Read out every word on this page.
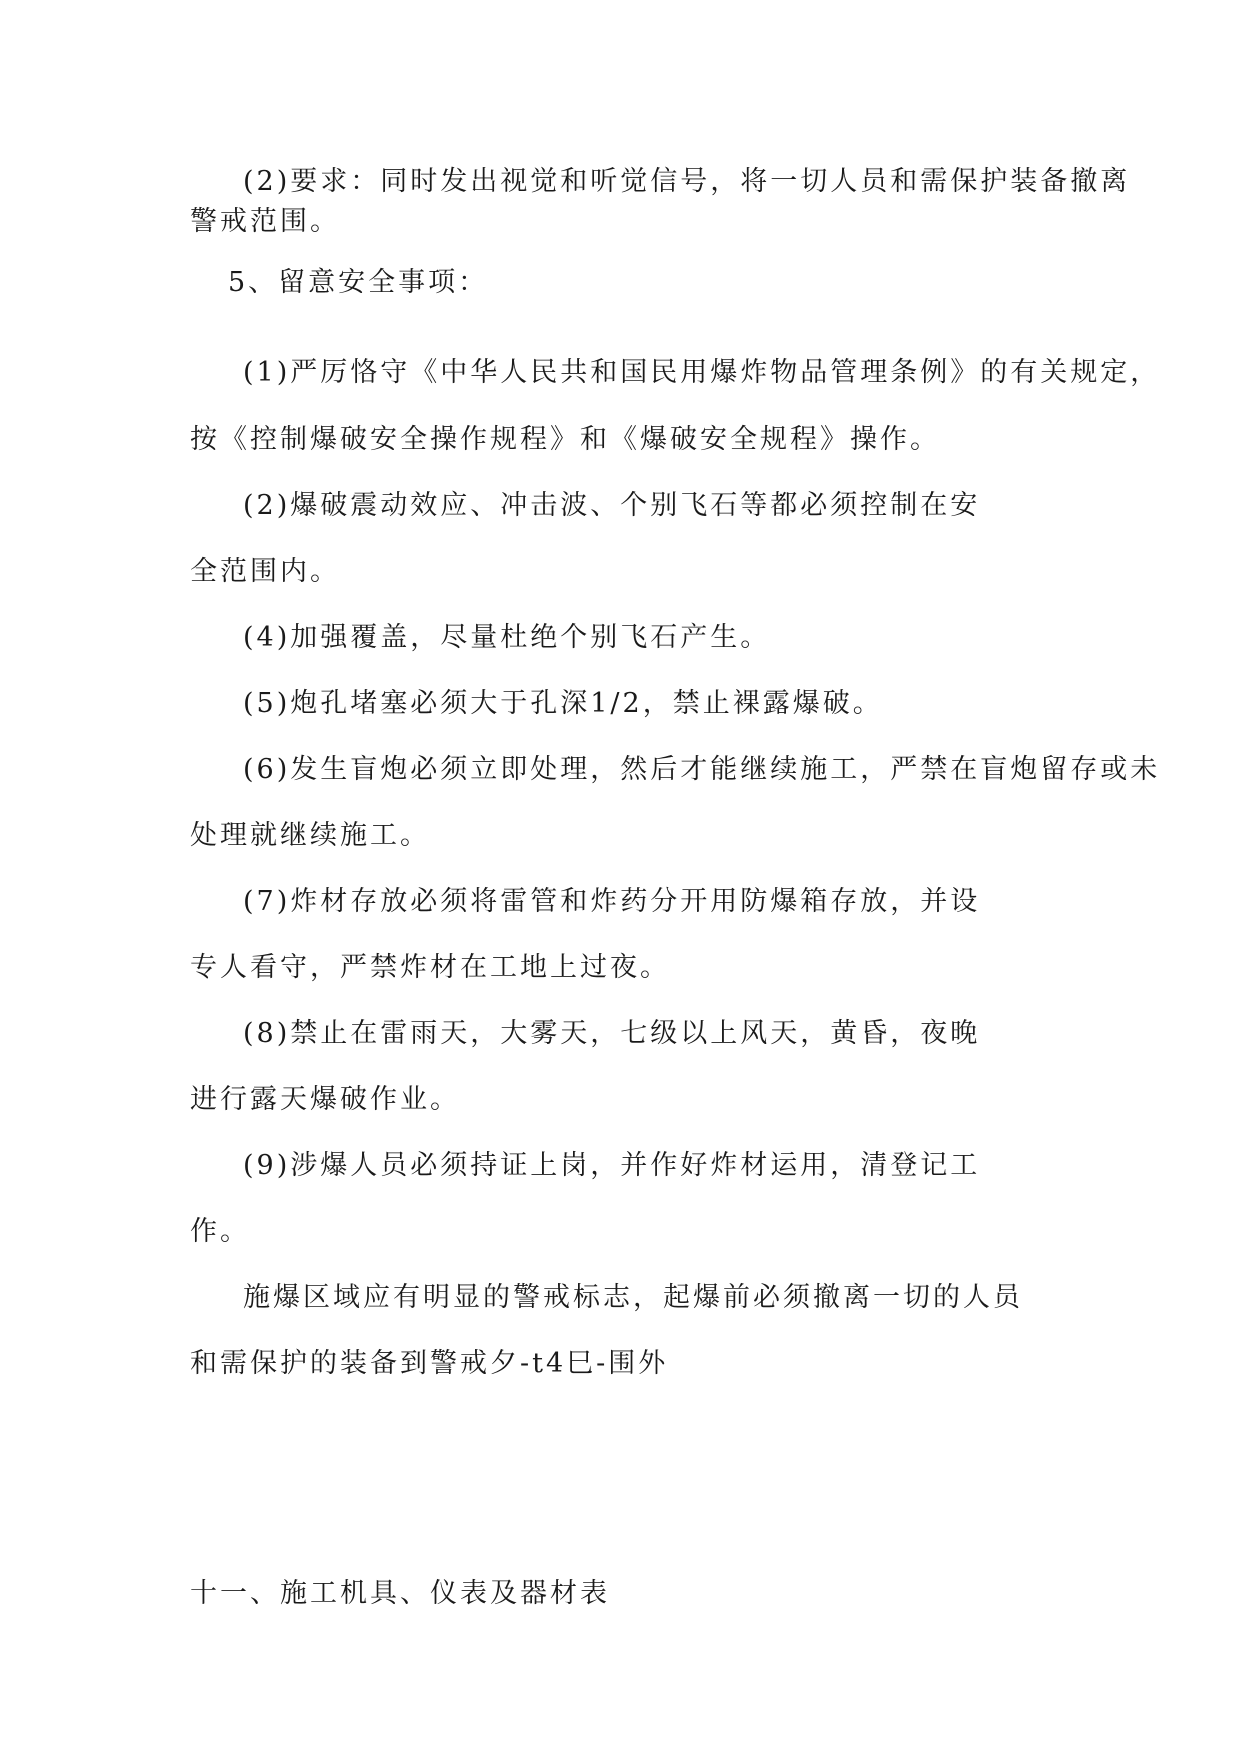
(2)要求：同时发出视觉和听觉信号，将一切人员和需保护装备撤离
警戒范围。
5、留意安全事项：
(1)严厉恪守《中华人民共和国民用爆炸物品管理条例》的有关规定，
按《控制爆破安全操作规程》和《爆破安全规程》操作。
(2)爆破震动效应、冲击波、个别飞石等都必须控制在安
全范围内。
(4)加强覆盖，尽量杜绝个别飞石产生。
(5)炮孔堵塞必须大于孔深1/2，禁止裸露爆破。
(6)发生盲炮必须立即处理，然后才能继续施工，严禁在盲炮留存或未
处理就继续施工。
(7)炸材存放必须将雷管和炸药分开用防爆箱存放，并设
专人看守，严禁炸材在工地上过夜。
(8)禁止在雷雨天，大雾天，七级以上风天，黄昏，夜晚
进行露天爆破作业。
(9)涉爆人员必须持证上岗，并作好炸材运用，清登记工
作。
施爆区域应有明显的警戒标志，起爆前必须撤离一切的人员
和需保护的装备到警戒夕-t4巳-围外
十一、施工机具、仪表及器材表
